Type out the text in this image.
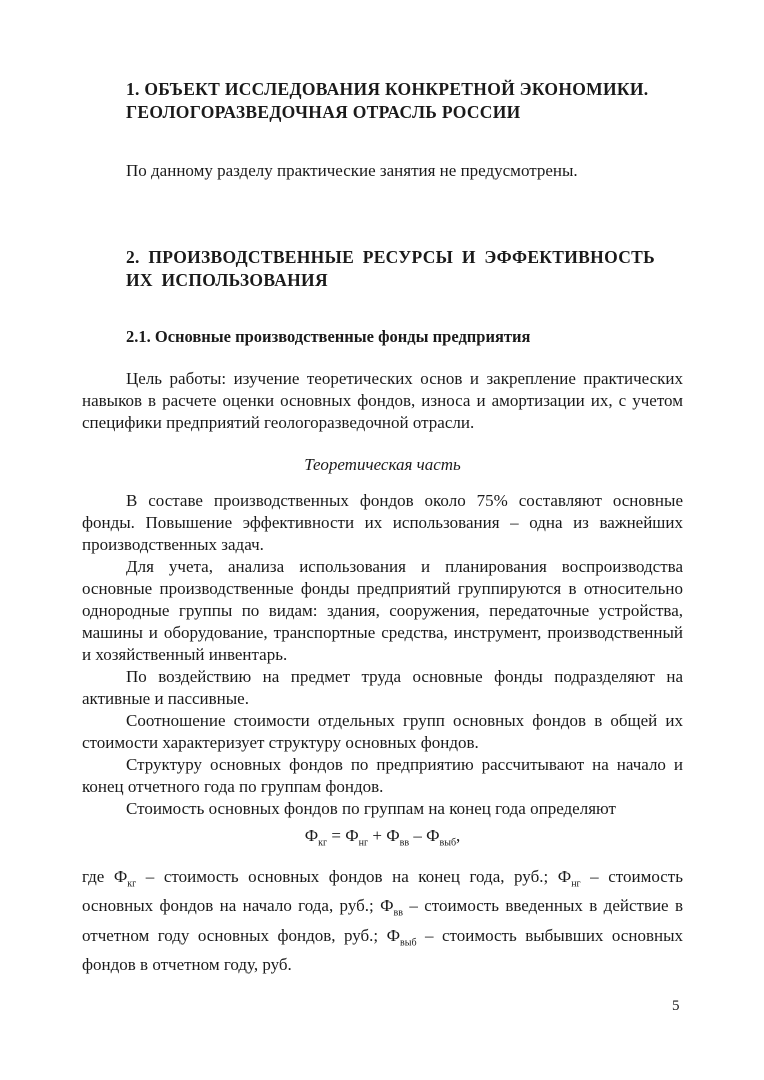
1. ОБЪЕКТ ИССЛЕДОВАНИЯ КОНКРЕТНОЙ ЭКОНОМИКИ.
ГЕОЛОГОРАЗВЕДОЧНАЯ ОТРАСЛЬ РОССИИ

По данному разделу практические занятия не предусмотрены.

2. ПРОИЗВОДСТВЕННЫЕ РЕСУРСЫ И ЭФФЕКТИВНОСТЬ
ИХ ИСПОЛЬЗОВАНИЯ
2.1. Основные производственные фонды предприятия

Цель работы: изучение теоретических основ и закрепление практических навыков в расчете оценки основных фондов, износа и амортизации их, с учетом специфики предприятий геологоразведочной отрасли.

Теоретическая часть

В составе производственных фондов около 75% составляют основные фонды. Повышение эффективности их использования – одна из важнейших производственных задач.

Для учета, анализа использования и планирования воспроизводства основные производственные фонды предприятий группируются в относительно однородные группы по видам: здания, сооружения, передаточные устройства, машины и оборудование, транспортные средства, инструмент, производственный и хозяйственный инвентарь.

По воздействию на предмет труда основные фонды подразделяют на активные и пассивные.

Соотношение стоимости отдельных групп основных фондов в общей их стоимости характеризует структуру основных фондов.

Структуру основных фондов по предприятию рассчитывают на начало и конец отчетного года по группам фондов.

Стоимость основных фондов по группам на конец года определяют

$Ф_{кг} = Ф_{нг} + Ф_{вв} - Ф_{выб}$,

где $Ф_{кг}$ – стоимость основных фондов на конец года, руб.; $Ф_{нг}$ – стоимость основных фондов на начало года, руб.; $Ф_{вв}$ – стоимость введенных в действие в отчетном году основных фондов, руб.; $Ф_{выб}$ – стоимость выбывших основных фондов в отчетном году, руб.

5
